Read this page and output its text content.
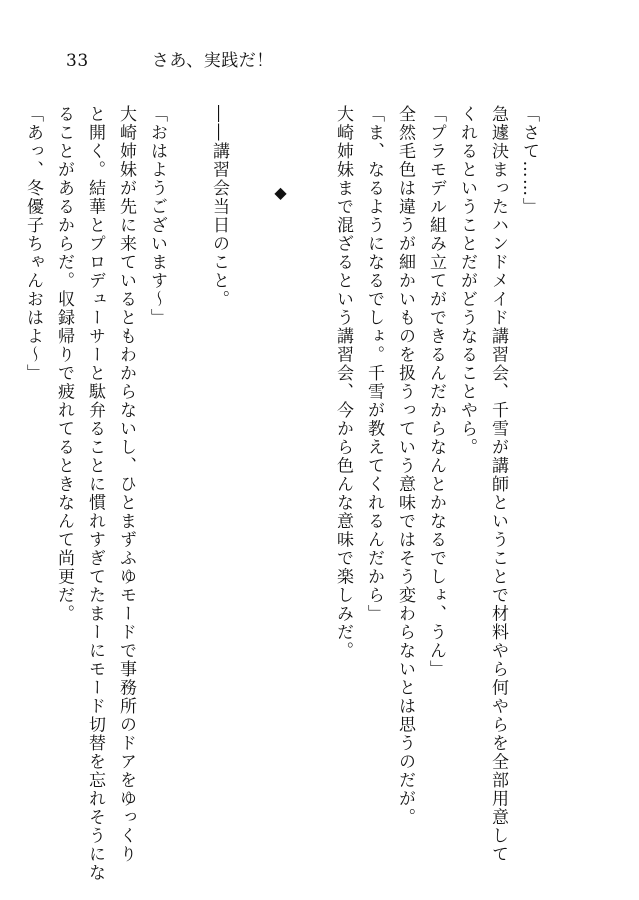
33	さあ、実践だ！
「さて……」
急遽決まったハンドメイド講習会、千雪が講師ということで材料やら何やらを全部用意して
くれるということだがどうなることやら。
「プラモデル組み立てができるんだからなんとかなるでしょ、うん」
全然毛色は違うが細かいものを扱うっていう意味ではそう変わらないとは思うのだが。
「ま、なるようになるでしょ。千雪が教えてくれるんだから」
大崎姉妹まで混ざるという講習会、今から色んな意味で楽しみだ。
◆
――講習会当日のこと。
「おはようございます〜」
大崎姉妹が先に来ているともわからないし、ひとまずふゆモードで事務所のドアをゆっくり
と開く。結華とプロデューサーと駄弁ることに慣れすぎてたまーにモード切替を忘れそうにな
ることがあるからだ。収録帰りで疲れてるときなんて尚更だ。
「あっ、冬優子ちゃんおはよ〜」
